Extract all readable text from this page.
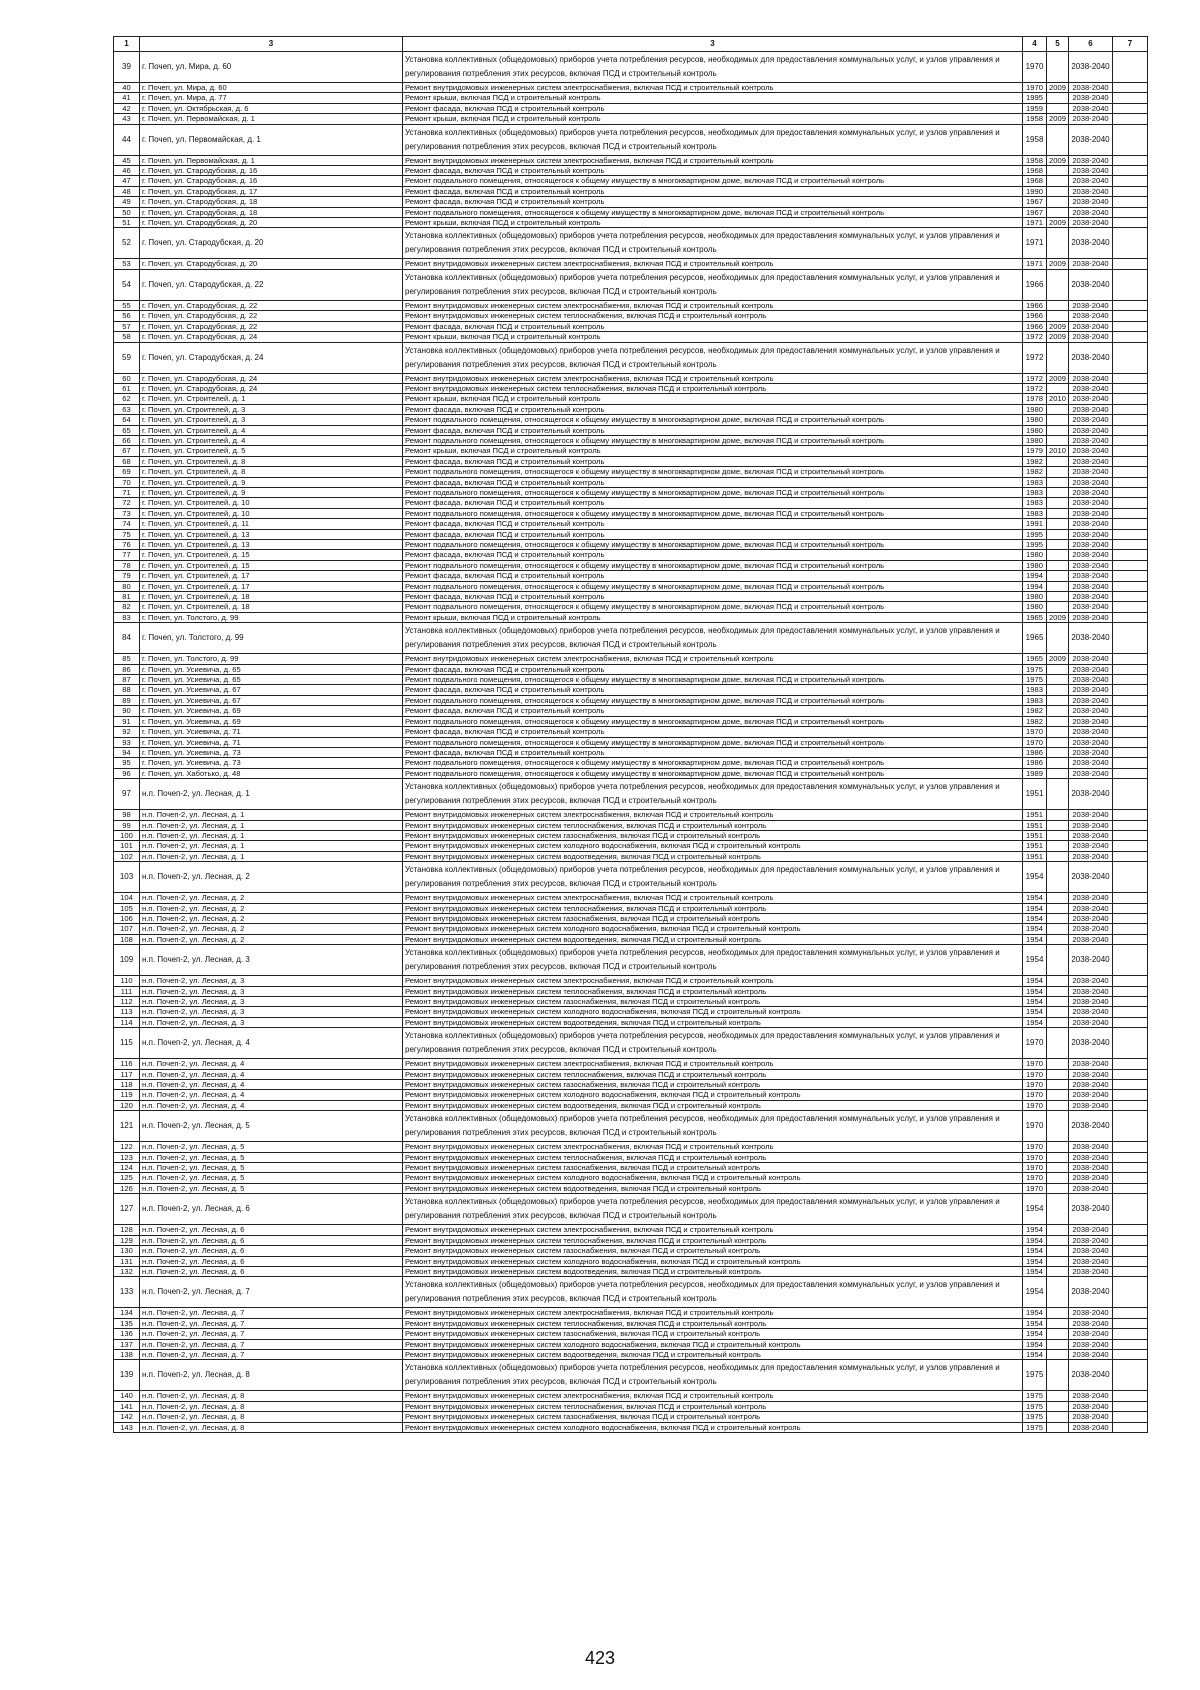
1	3	3	4	5	6	7
39	г. Почеп, ул. Мира, д. 60	Установка коллективных (общедомовых) приборов учета потребления ресурсов, необходимых для предоставления коммунальных услуг, и узлов управления и регулирования потребления этих ресурсов, включая ПСД и строительный контроль	1970		2038-2040	
40	г. Почеп, ул. Мира, д. 60	Ремонт внутридомовых инженерных систем электроснабжения, включая ПСД и строительный контроль	1970	2009	2038-2040	
41	г. Почеп, ул. Мира, д. 77	Ремонт крыши, включая ПСД и строительный контроль	1995		2038-2040	
42	г. Почеп, ул. Октябрьская, д. 6	Ремонт фасада, включая ПСД и строительный контроль	1959		2038-2040	
43	г. Почеп, ул. Первомайская, д. 1	Ремонт крыши, включая ПСД и строительный контроль	1958	2009	2038-2040	
44	г. Почеп, ул. Первомайская, д. 1	Установка коллективных (общедомовых) приборов учета потребления ресурсов, необходимых для предоставления коммунальных услуг, и узлов управления и регулирования потребления этих ресурсов, включая ПСД и строительный контроль	1958		2038-2040	
45	г. Почеп, ул. Первомайская, д. 1	Ремонт внутридомовых инженерных систем электроснабжения, включая ПСД и строительный контроль	1958	2009	2038-2040	
46	г. Почеп, ул. Стародубская, д. 16	Ремонт фасада, включая ПСД и строительный контроль	1968		2038-2040	
47	г. Почеп, ул. Стародубская, д. 16	Ремонт подвального помещения, относящегося к общему имуществу в многоквартирном доме, включая ПСД и строительный контроль	1968		2038-2040	
48	г. Почеп, ул. Стародубская, д. 17	Ремонт фасада, включая ПСД и строительный контроль	1990		2038-2040	
49	г. Почеп, ул. Стародубская, д. 18	Ремонт фасада, включая ПСД и строительный контроль	1967		2038-2040	
50	г. Почеп, ул. Стародубская, д. 18	Ремонт подвального помещения, относящегося к общему имуществу в многоквартирном доме, включая ПСД и строительный контроль	1967		2038-2040	
51	г. Почеп, ул. Стародубская, д. 20	Ремонт крыши, включая ПСД и строительный контроль	1971	2009	2038-2040	
52	г. Почеп, ул. Стародубская, д. 20	Установка коллективных (общедомовых) приборов учета потребления ресурсов, необходимых для предоставления коммунальных услуг, и узлов управления и регулирования потребления этих ресурсов, включая ПСД и строительный контроль	1971		2038-2040	
53	г. Почеп, ул. Стародубская, д. 20	Ремонт внутридомовых инженерных систем электроснабжения, включая ПСД и строительный контроль	1971	2009	2038-2040	
54	г. Почеп, ул. Стародубская, д. 22	Установка коллективных (общедомовых) приборов учета потребления ресурсов, необходимых для предоставления коммунальных услуг, и узлов управления и регулирования потребления этих ресурсов, включая ПСД и строительный контроль	1966		2038-2040	
55	г. Почеп, ул. Стародубская, д. 22	Ремонт внутридомовых инженерных систем электроснабжения, включая ПСД и строительный контроль	1966		2038-2040	
56	г. Почеп, ул. Стародубская, д. 22	Ремонт внутридомовых инженерных систем теплоснабжения, включая ПСД и строительный контроль	1966		2038-2040	
57	г. Почеп, ул. Стародубская, д. 22	Ремонт фасада, включая ПСД и строительный контроль	1966	2009	2038-2040	
58	г. Почеп, ул. Стародубская, д. 24	Ремонт крыши, включая ПСД и строительный контроль	1972	2009	2038-2040	
59	г. Почеп, ул. Стародубская, д. 24	Установка коллективных (общедомовых) приборов учета потребления ресурсов, необходимых для предоставления коммунальных услуг, и узлов управления и регулирования потребления этих ресурсов, включая ПСД и строительный контроль	1972		2038-2040	
60	г. Почеп, ул. Стародубская, д. 24	Ремонт внутридомовых инженерных систем электроснабжения, включая ПСД и строительный контроль	1972	2009	2038-2040	
61	г. Почеп, ул. Стародубская, д. 24	Ремонт внутридомовых инженерных систем теплоснабжения, включая ПСД и строительный контроль	1972		2038-2040	
62	г. Почеп, ул. Строителей, д. 1	Ремонт крыши, включая ПСД и строительный контроль	1978	2010	2038-2040	
63	г. Почеп, ул. Строителей, д. 3	Ремонт фасада, включая ПСД и строительный контроль	1980		2038-2040	
64	г. Почеп, ул. Строителей, д. 3	Ремонт подвального помещения, относящегося к общему имуществу в многоквартирном доме, включая ПСД и строительный контроль	1980		2038-2040	
65	г. Почеп, ул. Строителей, д. 4	Ремонт фасада, включая ПСД и строительный контроль	1980		2038-2040	
66	г. Почеп, ул. Строителей, д. 4	Ремонт подвального помещения, относящегося к общему имуществу в многоквартирном доме, включая ПСД и строительный контроль	1980		2038-2040	
67	г. Почеп, ул. Строителей, д. 5	Ремонт крыши, включая ПСД и строительный контроль	1979	2010	2038-2040	
68	г. Почеп, ул. Строителей, д. 8	Ремонт фасада, включая ПСД и строительный контроль	1982		2038-2040	
69	г. Почеп, ул. Строителей, д. 8	Ремонт подвального помещения, относящегося к общему имуществу в многоквартирном доме, включая ПСД и строительный контроль	1982		2038-2040	
70	г. Почеп, ул. Строителей, д. 9	Ремонт фасада, включая ПСД и строительный контроль	1983		2038-2040	
71	г. Почеп, ул. Строителей, д. 9	Ремонт подвального помещения, относящегося к общему имуществу в многоквартирном доме, включая ПСД и строительный контроль	1983		2038-2040	
72	г. Почеп, ул. Строителей, д. 10	Ремонт фасада, включая ПСД и строительный контроль	1983		2038-2040	
73	г. Почеп, ул. Строителей, д. 10	Ремонт подвального помещения, относящегося к общему имуществу в многоквартирном доме, включая ПСД и строительный контроль	1983		2038-2040	
74	г. Почеп, ул. Строителей, д. 11	Ремонт фасада, включая ПСД и строительный контроль	1991		2038-2040	
75	г. Почеп, ул. Строителей, д. 13	Ремонт фасада, включая ПСД и строительный контроль	1995		2038-2040	
76	г. Почеп, ул. Строителей, д. 13	Ремонт подвального помещения, относящегося к общему имуществу в многоквартирном доме, включая ПСД и строительный контроль	1995		2038-2040	
77	г. Почеп, ул. Строителей, д. 15	Ремонт фасада, включая ПСД и строительный контроль	1980		2038-2040	
78	г. Почеп, ул. Строителей, д. 15	Ремонт подвального помещения, относящегося к общему имуществу в многоквартирном доме, включая ПСД и строительный контроль	1980		2038-2040	
79	г. Почеп, ул. Строителей, д. 17	Ремонт фасада, включая ПСД и строительный контроль	1994		2038-2040	
80	г. Почеп, ул. Строителей, д. 17	Ремонт подвального помещения, относящегося к общему имуществу в многоквартирном доме, включая ПСД и строительный контроль	1994		2038-2040	
81	г. Почеп, ул. Строителей, д. 18	Ремонт фасада, включая ПСД и строительный контроль	1980		2038-2040	
82	г. Почеп, ул. Строителей, д. 18	Ремонт подвального помещения, относящегося к общему имуществу в многоквартирном доме, включая ПСД и строительный контроль	1980		2038-2040	
83	г. Почеп, ул. Толстого, д. 99	Ремонт крыши, включая ПСД и строительный контроль	1965	2009	2038-2040	
84	г. Почеп, ул. Толстого, д. 99	Установка коллективных (общедомовых) приборов учета потребления ресурсов, необходимых для предоставления коммунальных услуг, и узлов управления и регулирования потребления этих ресурсов, включая ПСД и строительный контроль	1965		2038-2040	
85	г. Почеп, ул. Толстого, д. 99	Ремонт внутридомовых инженерных систем электроснабжения, включая ПСД и строительный контроль	1965	2009	2038-2040	
86	г. Почеп, ул. Усиевича, д. 65	Ремонт фасада, включая ПСД и строительный контроль	1975		2038-2040	
87	г. Почеп, ул. Усиевича, д. 65	Ремонт подвального помещения, относящегося к общему имуществу в многоквартирном доме, включая ПСД и строительный контроль	1975		2038-2040	
88	г. Почеп, ул. Усиевича, д. 67	Ремонт фасада, включая ПСД и строительный контроль	1983		2038-2040	
89	г. Почеп, ул. Усиевича, д. 67	Ремонт подвального помещения, относящегося к общему имуществу в многоквартирном доме, включая ПСД и строительный контроль	1983		2038-2040	
90	г. Почеп, ул. Усиевича, д. 69	Ремонт фасада, включая ПСД и строительный контроль	1982		2038-2040	
91	г. Почеп, ул. Усиевича, д. 69	Ремонт подвального помещения, относящегося к общему имуществу в многоквартирном доме, включая ПСД и строительный контроль	1982		2038-2040	
92	г. Почеп, ул. Усиевича, д. 71	Ремонт фасада, включая ПСД и строительный контроль	1970		2038-2040	
93	г. Почеп, ул. Усиевича, д. 71	Ремонт подвального помещения, относящегося к общему имуществу в многоквартирном доме, включая ПСД и строительный контроль	1970		2038-2040	
94	г. Почеп, ул. Усиевича, д. 73	Ремонт фасада, включая ПСД и строительный контроль	1986		2038-2040	
95	г. Почеп, ул. Усиевича, д. 73	Ремонт подвального помещения, относящегося к общему имуществу в многоквартирном доме, включая ПСД и строительный контроль	1986		2038-2040	
96	г. Почеп, ул. Хаботько, д. 48	Ремонт подвального помещения, относящегося к общему имуществу в многоквартирном доме, включая ПСД и строительный контроль	1989		2038-2040	
97	н.п. Почеп-2, ул. Лесная, д. 1	Установка коллективных (общедомовых) приборов учета потребления ресурсов, необходимых для предоставления коммунальных услуг, и узлов управления и регулирования потребления этих ресурсов, включая ПСД и строительный контроль	1951		2038-2040	
98	н.п. Почеп-2, ул. Лесная, д. 1	Ремонт внутридомовых инженерных систем электроснабжения, включая ПСД и строительный контроль	1951		2038-2040	
99	н.п. Почеп-2, ул. Лесная, д. 1	Ремонт внутридомовых инженерных систем теплоснабжения, включая ПСД и строительный контроль	1951		2038-2040	
100	н.п. Почеп-2, ул. Лесная, д. 1	Ремонт внутридомовых инженерных систем газоснабжения, включая ПСД и строительный контроль	1951		2038-2040	
101	н.п. Почеп-2, ул. Лесная, д. 1	Ремонт внутридомовых инженерных систем холодного водоснабжения, включая ПСД и строительный контроль	1951		2038-2040	
102	н.п. Почеп-2, ул. Лесная, д. 1	Ремонт внутридомовых инженерных систем водоотведения, включая ПСД и строительный контроль	1951		2038-2040	
103	н.п. Почеп-2, ул. Лесная, д. 2	Установка коллективных (общедомовых) приборов учета потребления ресурсов, необходимых для предоставления коммунальных услуг, и узлов управления и регулирования потребления этих ресурсов, включая ПСД и строительный контроль	1954		2038-2040	
104	н.п. Почеп-2, ул. Лесная, д. 2	Ремонт внутридомовых инженерных систем электроснабжения, включая ПСД и строительный контроль	1954		2038-2040	
105	н.п. Почеп-2, ул. Лесная, д. 2	Ремонт внутридомовых инженерных систем теплоснабжения, включая ПСД и строительный контроль	1954		2038-2040	
106	н.п. Почеп-2, ул. Лесная, д. 2	Ремонт внутридомовых инженерных систем газоснабжения, включая ПСД и строительный контроль	1954		2038-2040	
107	н.п. Почеп-2, ул. Лесная, д. 2	Ремонт внутридомовых инженерных систем холодного водоснабжения, включая ПСД и строительный контроль	1954		2038-2040	
108	н.п. Почеп-2, ул. Лесная, д. 2	Ремонт внутридомовых инженерных систем водоотведения, включая ПСД и строительный контроль	1954		2038-2040	
109	н.п. Почеп-2, ул. Лесная, д. 3	Установка коллективных (общедомовых) приборов учета потребления ресурсов, необходимых для предоставления коммунальных услуг, и узлов управления и регулирования потребления этих ресурсов, включая ПСД и строительный контроль	1954		2038-2040	
110	н.п. Почеп-2, ул. Лесная, д. 3	Ремонт внутридомовых инженерных систем электроснабжения, включая ПСД и строительный контроль	1954		2038-2040	
111	н.п. Почеп-2, ул. Лесная, д. 3	Ремонт внутридомовых инженерных систем теплоснабжения, включая ПСД и строительный контроль	1954		2038-2040	
112	н.п. Почеп-2, ул. Лесная, д. 3	Ремонт внутридомовых инженерных систем газоснабжения, включая ПСД и строительный контроль	1954		2038-2040	
113	н.п. Почеп-2, ул. Лесная, д. 3	Ремонт внутридомовых инженерных систем холодного водоснабжения, включая ПСД и строительный контроль	1954		2038-2040	
114	н.п. Почеп-2, ул. Лесная, д. 3	Ремонт внутридомовых инженерных систем водоотведения, включая ПСД и строительный контроль	1954		2038-2040	
115	н.п. Почеп-2, ул. Лесная, д. 4	Установка коллективных (общедомовых) приборов учета потребления ресурсов, необходимых для предоставления коммунальных услуг, и узлов управления и регулирования потребления этих ресурсов, включая ПСД и строительный контроль	1970		2038-2040	
116	н.п. Почеп-2, ул. Лесная, д. 4	Ремонт внутридомовых инженерных систем электроснабжения, включая ПСД и строительный контроль	1970		2038-2040	
117	н.п. Почеп-2, ул. Лесная, д. 4	Ремонт внутридомовых инженерных систем теплоснабжения, включая ПСД и строительный контроль	1970		2038-2040	
118	н.п. Почеп-2, ул. Лесная, д. 4	Ремонт внутридомовых инженерных систем газоснабжения, включая ПСД и строительный контроль	1970		2038-2040	
119	н.п. Почеп-2, ул. Лесная, д. 4	Ремонт внутридомовых инженерных систем холодного водоснабжения, включая ПСД и строительный контроль	1970		2038-2040	
120	н.п. Почеп-2, ул. Лесная, д. 4	Ремонт внутридомовых инженерных систем водоотведения, включая ПСД и строительный контроль	1970		2038-2040	
121	н.п. Почеп-2, ул. Лесная, д. 5	Установка коллективных (общедомовых) приборов учета потребления ресурсов, необходимых для предоставления коммунальных услуг, и узлов управления и регулирования потребления этих ресурсов, включая ПСД и строительный контроль	1970		2038-2040	
122	н.п. Почеп-2, ул. Лесная, д. 5	Ремонт внутридомовых инженерных систем электроснабжения, включая ПСД и строительный контроль	1970		2038-2040	
123	н.п. Почеп-2, ул. Лесная, д. 5	Ремонт внутридомовых инженерных систем теплоснабжения, включая ПСД и строительный контроль	1970		2038-2040	
124	н.п. Почеп-2, ул. Лесная, д. 5	Ремонт внутридомовых инженерных систем газоснабжения, включая ПСД и строительный контроль	1970		2038-2040	
125	н.п. Почеп-2, ул. Лесная, д. 5	Ремонт внутридомовых инженерных систем холодного водоснабжения, включая ПСД и строительный контроль	1970		2038-2040	
126	н.п. Почеп-2, ул. Лесная, д. 5	Ремонт внутридомовых инженерных систем водоотведения, включая ПСД и строительный контроль	1970		2038-2040	
127	н.п. Почеп-2, ул. Лесная, д. 6	Установка коллективных (общедомовых) приборов учета потребления ресурсов, необходимых для предоставления коммунальных услуг, и узлов управления и регулирования потребления этих ресурсов, включая ПСД и строительный контроль	1954		2038-2040	
128	н.п. Почеп-2, ул. Лесная, д. 6	Ремонт внутридомовых инженерных систем электроснабжения, включая ПСД и строительный контроль	1954		2038-2040	
129	н.п. Почеп-2, ул. Лесная, д. 6	Ремонт внутридомовых инженерных систем теплоснабжения, включая ПСД и строительный контроль	1954		2038-2040	
130	н.п. Почеп-2, ул. Лесная, д. 6	Ремонт внутридомовых инженерных систем газоснабжения, включая ПСД и строительный контроль	1954		2038-2040	
131	н.п. Почеп-2, ул. Лесная, д. 6	Ремонт внутридомовых инженерных систем холодного водоснабжения, включая ПСД и строительный контроль	1954		2038-2040	
132	н.п. Почеп-2, ул. Лесная, д. 6	Ремонт внутридомовых инженерных систем водоотведения, включая ПСД и строительный контроль	1954		2038-2040	
133	н.п. Почеп-2, ул. Лесная, д. 7	Установка коллективных (общедомовых) приборов учета потребления ресурсов, необходимых для предоставления коммунальных услуг, и узлов управления и регулирования потребления этих ресурсов, включая ПСД и строительный контроль	1954		2038-2040	
134	н.п. Почеп-2, ул. Лесная, д. 7	Ремонт внутридомовых инженерных систем электроснабжения, включая ПСД и строительный контроль	1954		2038-2040	
135	н.п. Почеп-2, ул. Лесная, д. 7	Ремонт внутридомовых инженерных систем теплоснабжения, включая ПСД и строительный контроль	1954		2038-2040	
136	н.п. Почеп-2, ул. Лесная, д. 7	Ремонт внутридомовых инженерных систем газоснабжения, включая ПСД и строительный контроль	1954		2038-2040	
137	н.п. Почеп-2, ул. Лесная, д. 7	Ремонт внутридомовых инженерных систем холодного водоснабжения, включая ПСД и строительный контроль	1954		2038-2040	
138	н.п. Почеп-2, ул. Лесная, д. 7	Ремонт внутридомовых инженерных систем водоотведения, включая ПСД и строительный контроль	1954		2038-2040	
139	н.п. Почеп-2, ул. Лесная, д. 8	Установка коллективных (общедомовых) приборов учета потребления ресурсов, необходимых для предоставления коммунальных услуг, и узлов управления и регулирования потребления этих ресурсов, включая ПСД и строительный контроль	1975		2038-2040	
140	н.п. Почеп-2, ул. Лесная, д. 8	Ремонт внутридомовых инженерных систем электроснабжения, включая ПСД и строительный контроль	1975		2038-2040	
141	н.п. Почеп-2, ул. Лесная, д. 8	Ремонт внутридомовых инженерных систем теплоснабжения, включая ПСД и строительный контроль	1975		2038-2040	
142	н.п. Почеп-2, ул. Лесная, д. 8	Ремонт внутридомовых инженерных систем газоснабжения, включая ПСД и строительный контроль	1975		2038-2040	
143	н.п. Почеп-2, ул. Лесная, д. 8	Ремонт внутридомовых инженерных систем холодного водоснабжения, включая ПСД и строительный контроль	1975		2038-2040	
423
